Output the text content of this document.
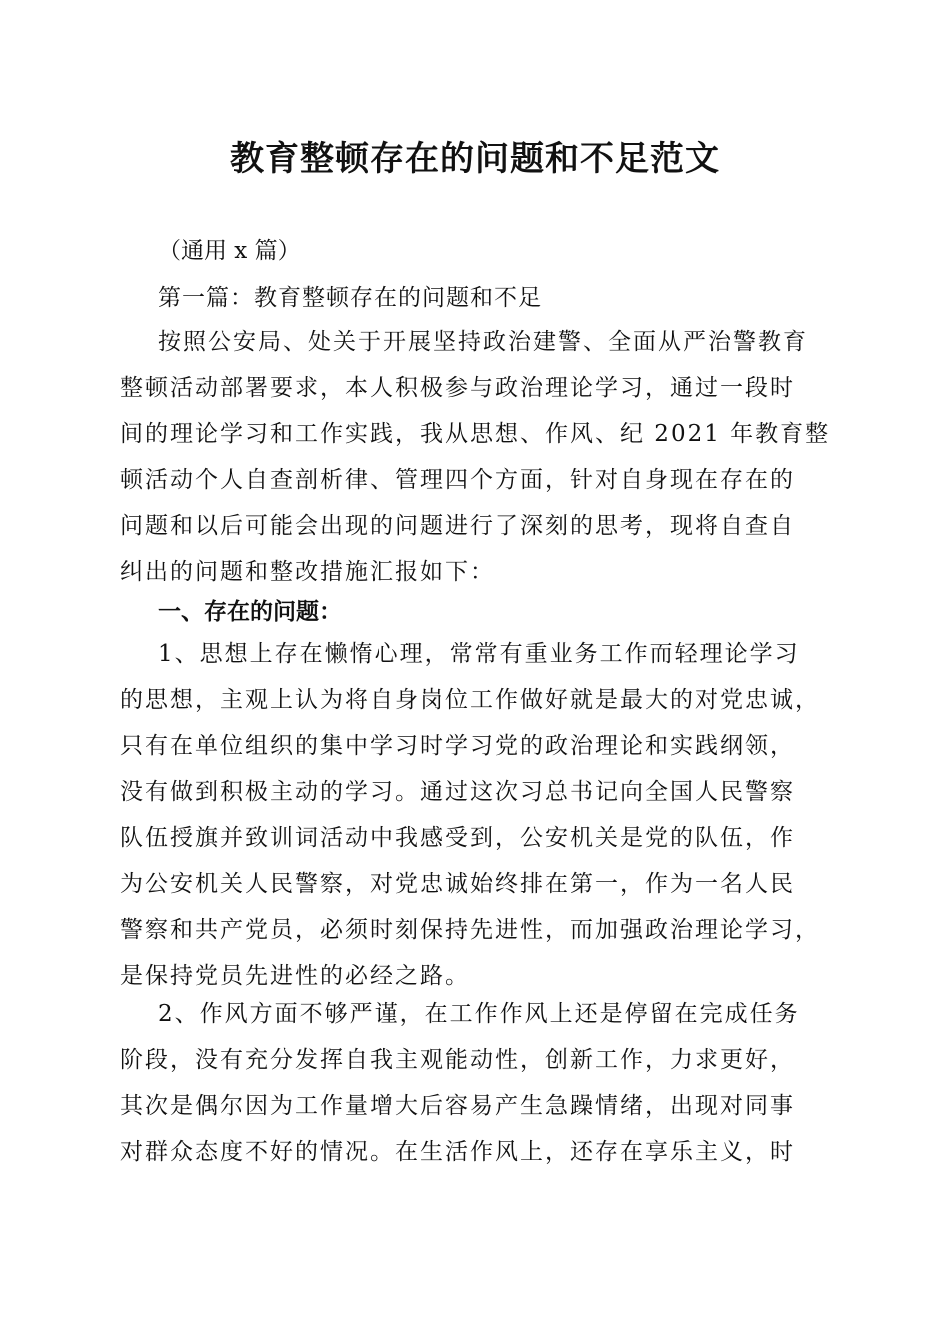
教育整顿存在的问题和不足范文
（通用 x 篇）
第一篇：教育整顿存在的问题和不足
按照公安局、处关于开展坚持政治建警、全面从严治警教育
整顿活动部署要求，本人积极参与政治理论学习，通过一段时
间的理论学习和工作实践，我从思想、作风、纪 2021 年教育整
顿活动个人自查剖析律、管理四个方面，针对自身现在存在的
问题和以后可能会出现的问题进行了深刻的思考，现将自查自
纠出的问题和整改措施汇报如下：
一、存在的问题：
1、思想上存在懒惰心理，常常有重业务工作而轻理论学习
的思想，主观上认为将自身岗位工作做好就是最大的对党忠诚，
只有在单位组织的集中学习时学习党的政治理论和实践纲领，
没有做到积极主动的学习。通过这次习总书记向全国人民警察
队伍授旗并致训词活动中我感受到，公安机关是党的队伍，作
为公安机关人民警察，对党忠诚始终排在第一，作为一名人民
警察和共产党员，必须时刻保持先进性，而加强政治理论学习，
是保持党员先进性的必经之路。
2、作风方面不够严谨，在工作作风上还是停留在完成任务
阶段，没有充分发挥自我主观能动性，创新工作，力求更好，
其次是偶尔因为工作量增大后容易产生急躁情绪，出现对同事
对群众态度不好的情况。在生活作风上，还存在享乐主义，时
